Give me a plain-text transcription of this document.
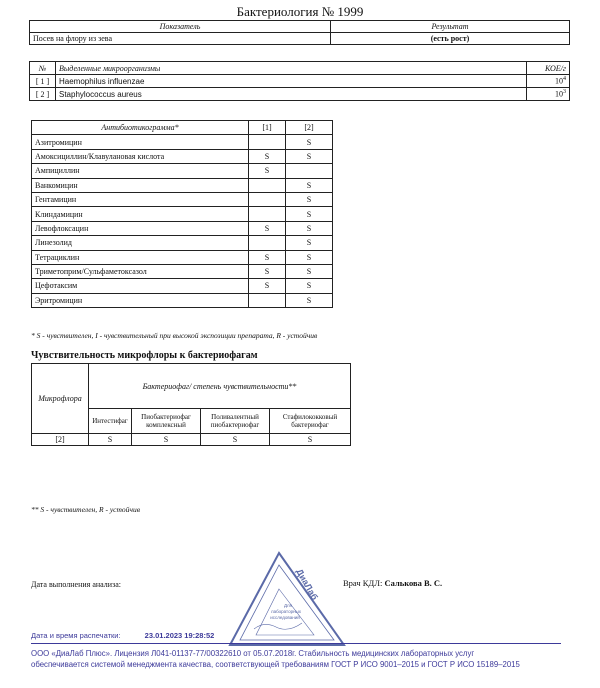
Бактериология № 1999
Показатель	Результат
Посев на флору из зева	(есть рост)
№	Выделенные микроорганизмы	КОЕ/г
[ 1 ]	Haemophilus influenzae	$10^4$
[ 2 ]	Staphylococcus aureus	$10^3$
Антибиотикограмма*	[1]	[2]
Азитромицин		S
Амоксициллин/Клавулановая кислота	S	S
Ампициллин	S	
Ванкомицин		S
Гентамицин		S
Клиндамицин		S
Левофлоксацин	S	S
Линезолид		S
Тетрациклин	S	S
Триметоприм/Сульфаметоксазол	S	S
Цефотаксим	S	S
Эритромицин		S
* S - чувствителен, I - чувствительный при высокой экспозиции препарата, R - устойчив
Чувствительность микрофлоры к бактериофагам
Микрофлора	Бактериофаг/ степень чувствительности**			
	Интестифаг	Пиобактериофаг комплексный	Поливалентный пиобактериофаг	Стафилококковый бактериофаг
[2]	S	S	S	S
** S - чувствителен, R - устойчив
Дата выполнения анализа:	Врач КДЛ: Салькова В. С.
ДиаЛаб
Для
лабораторных
исследований
Дата и время распечатки:	23.01.2023 19:28:52
ООО «ДиаЛаб Плюс». Лицензия Л041-01137-77/00322610 от 05.07.2018г. Стабильность медицинских лабораторных услуг
обеспечивается системой менеджмента качества, соответствующей требованиям ГОСТ Р ИСО 9001–2015 и ГОСТ Р ИСО 15189–2015
